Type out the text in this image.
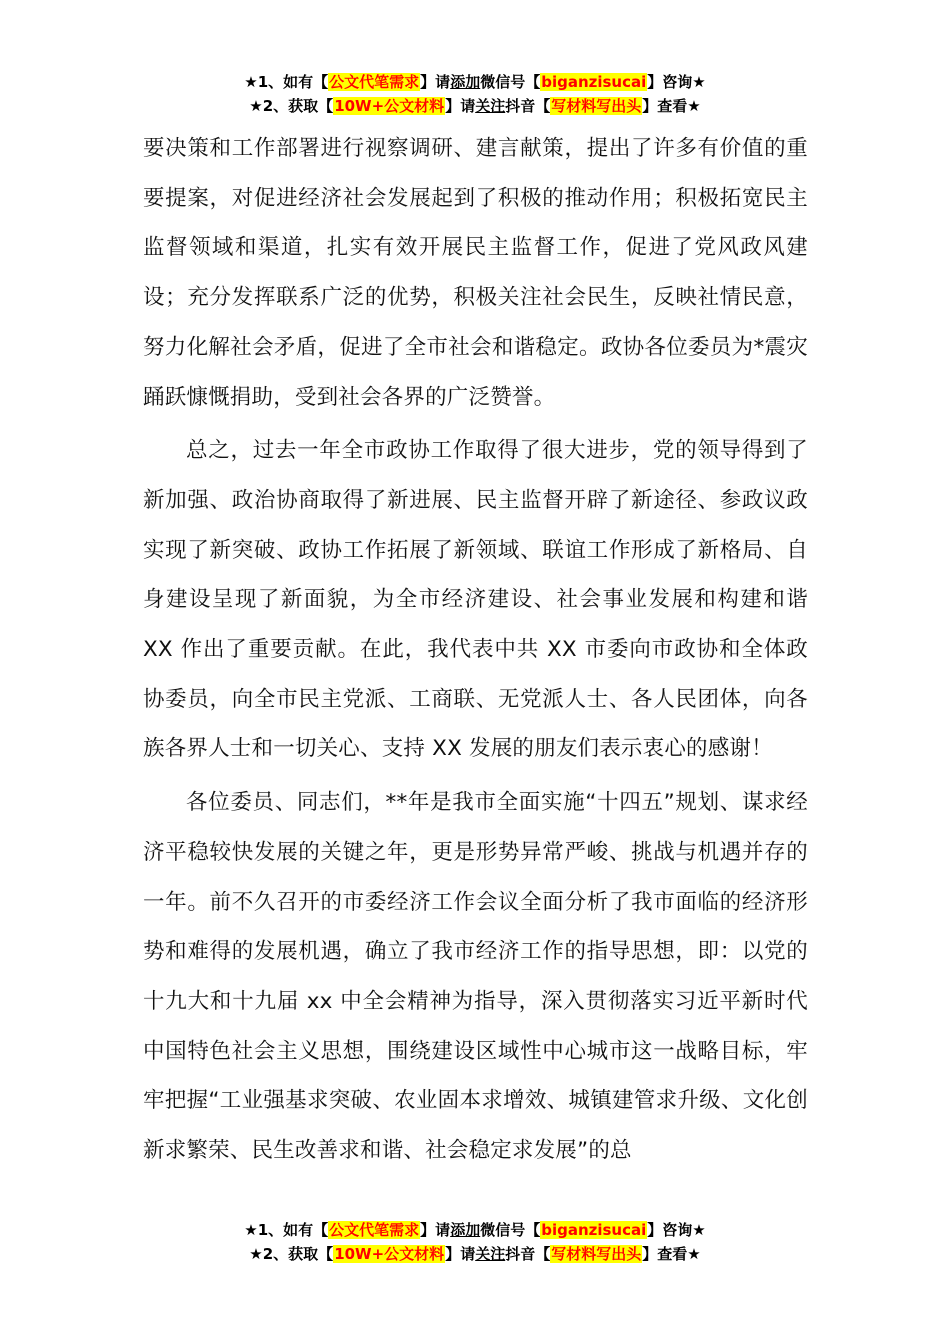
★1、如有【公文代笔需求】请添加微信号【biganzisucai】咨询★
★2、获取【10W+公文材料】请关注抖音【写材料写出头】查看★

要决策和工作部署进行视察调研、建言献策，提出了许多有价值的重要提案，对促进经济社会发展起到了积极的推动作用；积极拓宽民主监督领域和渠道，扎实有效开展民主监督工作，促进了党风政风建设；充分发挥联系广泛的优势，积极关注社会民生，反映社情民意，努力化解社会矛盾，促进了全市社会和谐稳定。政协各位委员为*震灾踊跃慷慨捐助，受到社会各界的广泛赞誉。

总之，过去一年全市政协工作取得了很大进步，党的领导得到了新加强、政治协商取得了新进展、民主监督开辟了新途径、参政议政实现了新突破、政协工作拓展了新领域、联谊工作形成了新格局、自身建设呈现了新面貌，为全市经济建设、社会事业发展和构建和谐 XX 作出了重要贡献。在此，我代表中共 XX 市委向市政协和全体政协委员，向全市民主党派、工商联、无党派人士、各人民团体，向各族各界人士和一切关心、支持 XX 发展的朋友们表示衷心的感谢！

各位委员、同志们，**年是我市全面实施“十四五”规划、谋求经济平稳较快发展的关键之年，更是形势异常严峻、挑战与机遇并存的一年。前不久召开的市委经济工作会议全面分析了我市面临的经济形势和难得的发展机遇，确立了我市经济工作的指导思想，即：以党的十九大和十九届 xx 中全会精神为指导，深入贯彻落实习近平新时代中国特色社会主义思想，围绕建设区域性中心城市这一战略目标，牢牢把握“工业强基求突破、农业固本求增效、城镇建管求升级、文化创新求繁荣、民生改善求和谐、社会稳定求发展”的总

★1、如有【公文代笔需求】请添加微信号【biganzisucai】咨询★
★2、获取【10W+公文材料】请关注抖音【写材料写出头】查看★
